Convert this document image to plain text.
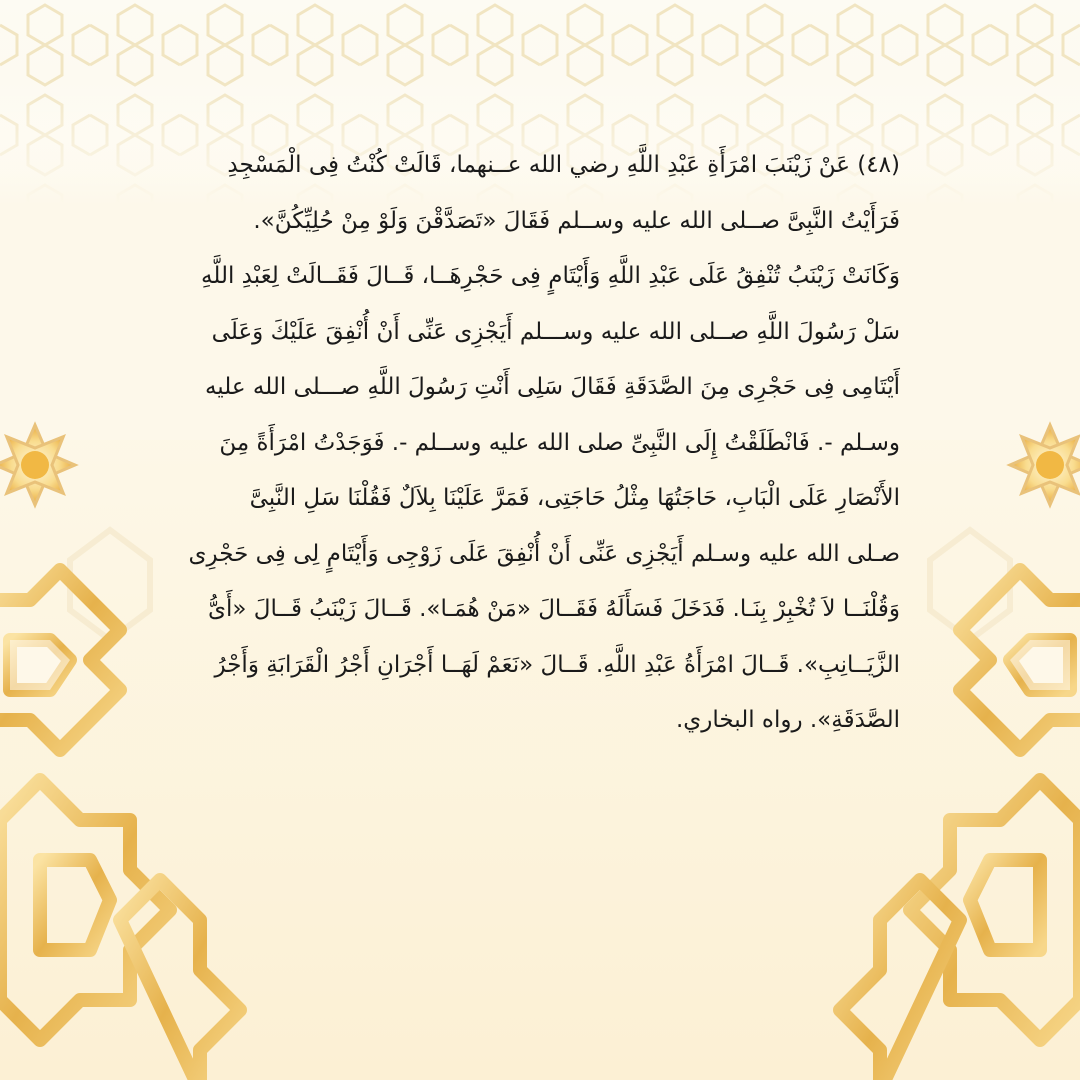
(٤٨) عَنْ زَيْنَبَ امْرَأَةِ عَبْدِ اللَّهِ رضي الله عــنهما، قَالَتْ كُنْتُ فِى الْمَسْجِدِ

فَرَأَيْتُ النَّبِىَّ صــلى الله عليه وســلم فَقَالَ «تَصَدَّقْنَ وَلَوْ مِنْ حُلِيِّكُنَّ».

وَكَانَتْ زَيْنَبُ تُنْفِقُ عَلَى عَبْدِ اللَّهِ وَأَيْتَامٍ فِى حَجْرِهَــا، قَــالَ فَقَــالَتْ لِعَبْدِ اللَّهِ

سَلْ رَسُولَ اللَّهِ صــلى الله عليه وســـلم أَيَجْزِى عَنِّى أَنْ أُنْفِقَ عَلَيْكَ وَعَلَى

أَيْتَامِى فِى حَجْرِى مِنَ الصَّدَقَةِ فَقَالَ سَلِى أَنْتِ رَسُولَ اللَّهِ صـــلى الله عليه

وسـلم -. فَانْطَلَقْتُ إِلَى النَّبِىِّ صلى الله عليه وســلم -. فَوَجَدْتُ امْرَأَةً مِنَ

الأَنْصَارِ عَلَى الْبَابِ، حَاجَتُهَا مِثْلُ حَاجَتِى، فَمَرَّ عَلَيْنَا بِلاَلٌ فَقُلْنَا سَلِ النَّبِىَّ

صـلى الله عليه وسـلم أَيَجْزِى عَنِّى أَنْ أُنْفِقَ عَلَى زَوْجِى وَأَيْتَامٍ لِى فِى حَجْرِى

وَقُلْنَــا لاَ تُخْبِرْ بِنَـا. فَدَخَلَ فَسَأَلَهُ فَقَــالَ «مَنْ هُمَـا». قَــالَ زَيْنَبُ قَــالَ «أَىُّ

الزَّيَــانِبِ». قَــالَ امْرَأَةُ عَبْدِ اللَّهِ. قَــالَ «نَعَمْ لَهَــا أَجْرَانِ أَجْرُ الْقَرَابَةِ وَأَجْرُ

الصَّدَقَةِ». رواه البخاري.
